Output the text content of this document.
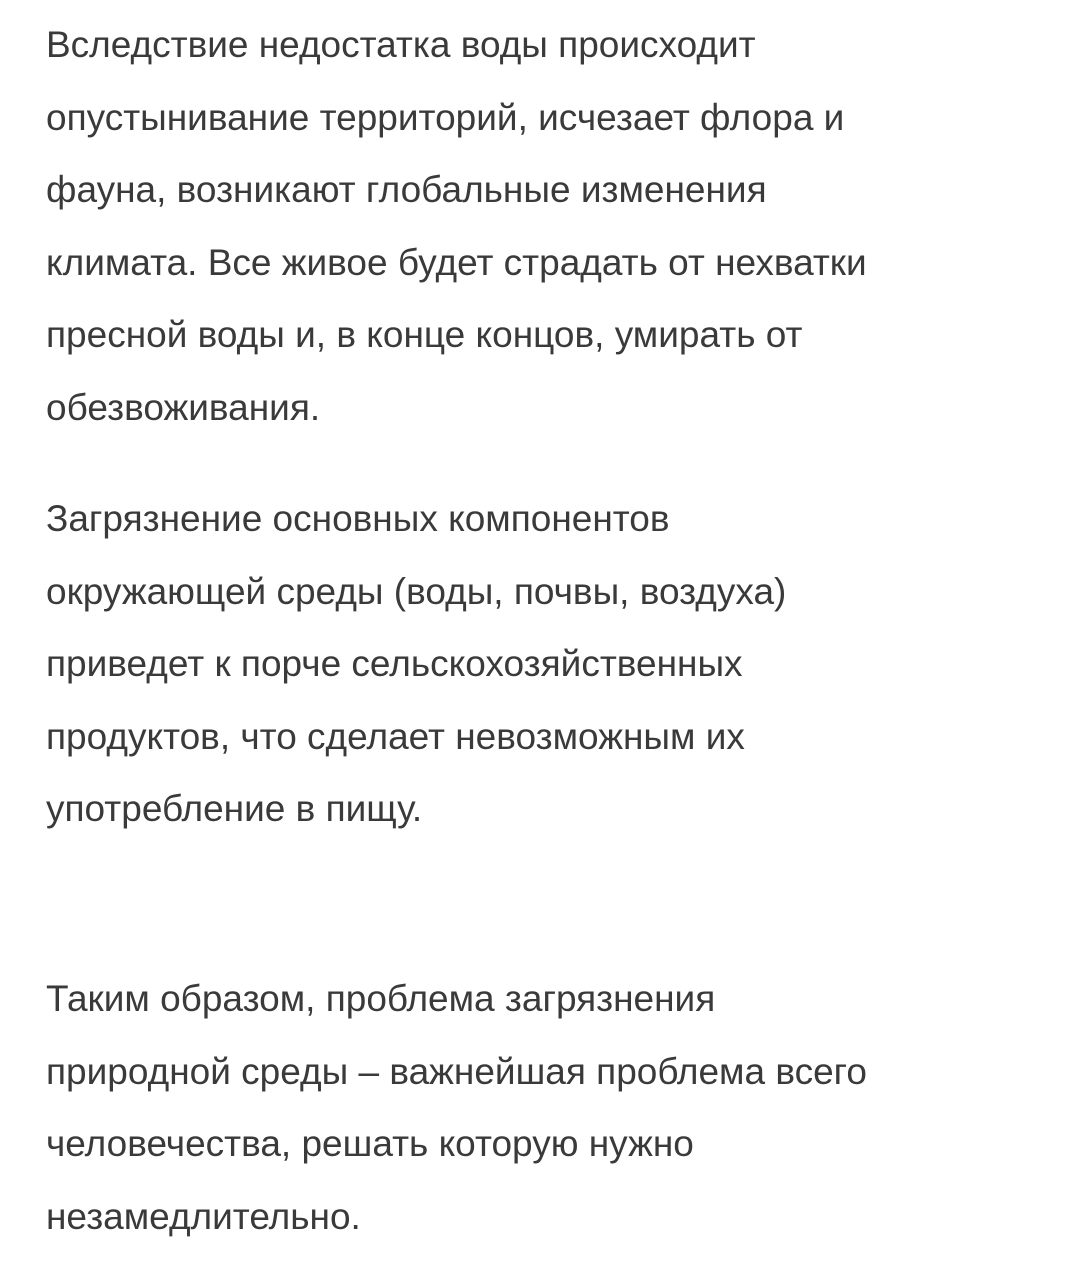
Вследствие недостатка воды происходит
опустынивание территорий, исчезает флора и
фауна, возникают глобальные изменения
климата. Все живое будет страдать от нехватки
пресной воды и, в конце концов, умирать от
обезвоживания.
Загрязнение основных компонентов
окружающей среды (воды, почвы, воздуха)
приведет к порче сельскохозяйственных
продуктов, что сделает невозможным их
употребление в пищу.
Таким образом, проблема загрязнения
природной среды – важнейшая проблема всего
человечества, решать которую нужно
незамедлительно.
